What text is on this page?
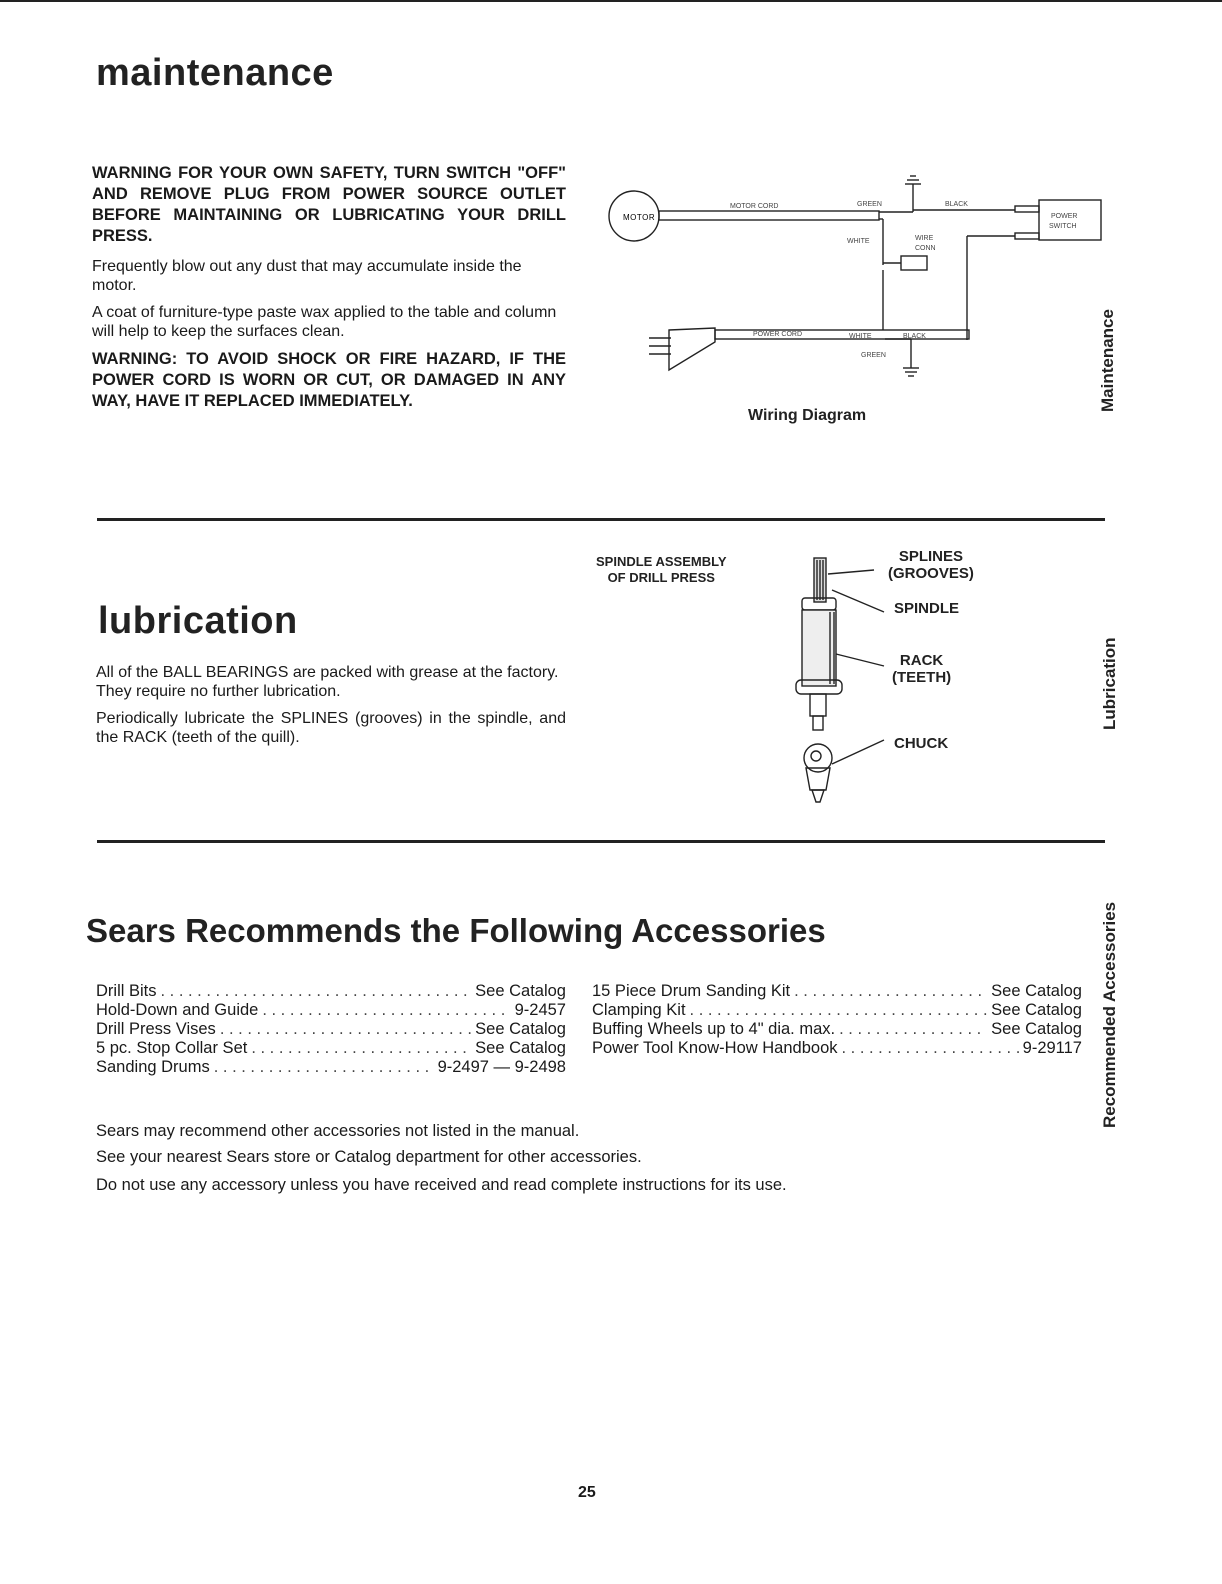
maintenance
WARNING FOR YOUR OWN SAFETY, TURN SWITCH "OFF" AND REMOVE PLUG FROM POWER SOURCE OUTLET BEFORE MAINTAINING OR LUBRICATING YOUR DRILL PRESS.
Frequently blow out any dust that may accumulate inside the motor.
A coat of furniture-type paste wax applied to the table and column will help to keep the surfaces clean.
WARNING: TO AVOID SHOCK OR FIRE HAZARD, IF THE POWER CORD IS WORN OR CUT, OR DAMAGED IN ANY WAY, HAVE IT REPLACED IMMEDIATELY.
MOTOR
MOTOR CORD	GREEN	BLACK
POWER
SWITCH
WHITE	WIRE
CONN
POWER CORD	WHITE	BLACK
GREEN
Wiring Diagram
Maintenance
lubrication
All of the BALL BEARINGS are packed with grease at the factory. They require no further lubrication.
Periodically lubricate the SPLINES (grooves) in the spindle, and the RACK (teeth of the quill).
SPINDLE ASSEMBLY
OF DRILL PRESS
SPLINES
(GROOVES)
SPINDLE
RACK
(TEETH)
CHUCK
Lubrication
Sears Recommends the Following Accessories
Drill Bits . . .	See Catalog
Hold-Down and Guide . . .	9-2457
Drill Press Vises . . .	See Catalog
5 pc. Stop Collar Set . . .	See Catalog
Sanding Drums . . .	9-2497 — 9-2498
15 Piece Drum Sanding Kit . . .	See Catalog
Clamping Kit . . .	See Catalog
Buffing Wheels up to 4" dia. max. . . .	See Catalog
Power Tool Know-How Handbook . . .	9-29117
Sears may recommend other accessories not listed in the manual.
See your nearest Sears store or Catalog department for other accessories.
Do not use any accessory unless you have received and read complete instructions for its use.
Recommended Accessories
25
